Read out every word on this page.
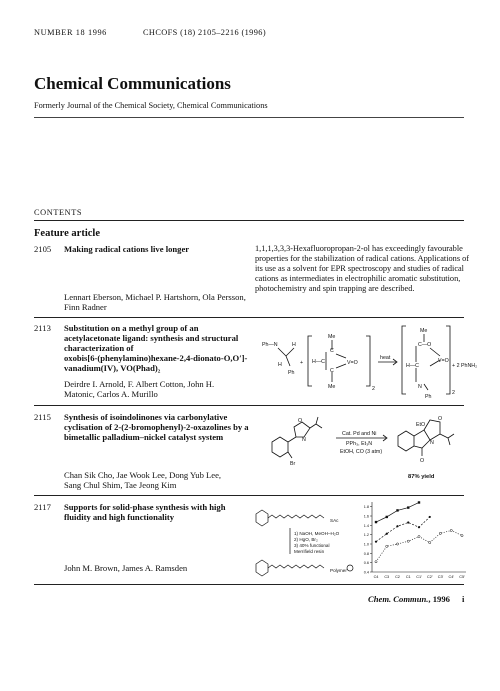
NUMBER 18 1996	CHCOFS (18) 2105–2216 (1996)
Chemical Communications
Formerly Journal of the Chemical Society, Chemical Communications
CONTENTS
Feature article
2105 Making radical cations live longer	1,1,1,3,3,3-Hexafluoropropan-2-ol has exceedingly favourable
properties for the stabilization of radical cations. Applications of
its use as a solvent for EPR spectroscopy and studies of radical
cations as intermediates in electrophilic aromatic substitution,
photochemistry and spin trapping are described.
Lennart Eberson, Michael P. Hartshorn, Ola Persson,
Finn Radner
2113 Substitution on a methyl group of an
acetylacetonate ligand: synthesis and structural
characterization of
oxobis[6-(phenylamino)hexane-2,4-dionato-O,O′]-
vanadium(IV), VO(Phad)₂
Deirdre I. Arnold, F. Albert Cotton, John H.
Matonic, Carlos A. Murillo
Ph—N	H
H
Ph
+
Me
C
H—C
C
Me
V=O
2
heat
Me
C—O
H—C
V=O
N
Ph
2
+ 2 PhNH₂
2115 Synthesis of isoindolinones via carbonylative
cyclisation of 2-(2-bromophenyl)-2-oxazolines by a
bimetallic palladium–nickel catalyst system
Chan Sik Cho, Jae Wook Lee, Dong Yub Lee,
Sang Chul Shim, Tae Jeong Kim
O
N
Br
Cat. Pd and Ni
PPh₃, Et₃N
EtOH, CO (3 atm)
EtO
O
N
O
87% yield
2117 Supports for solid-phase synthesis with high
fluidity and high functionality
John M. Brown, James A. Ramsden
SAc
1) NaOH, MeOH–H₂O
2) HgO, Br₂
3) 40% functional
Merrifield resin
Polymer
1.8
1.6
1.4
1.2
1.0
0.8
0.6
0.4
C4 C3 C2 C1 C1′ C2′ C3′ C4′ C5′
Chem. Commun., 1996 i
